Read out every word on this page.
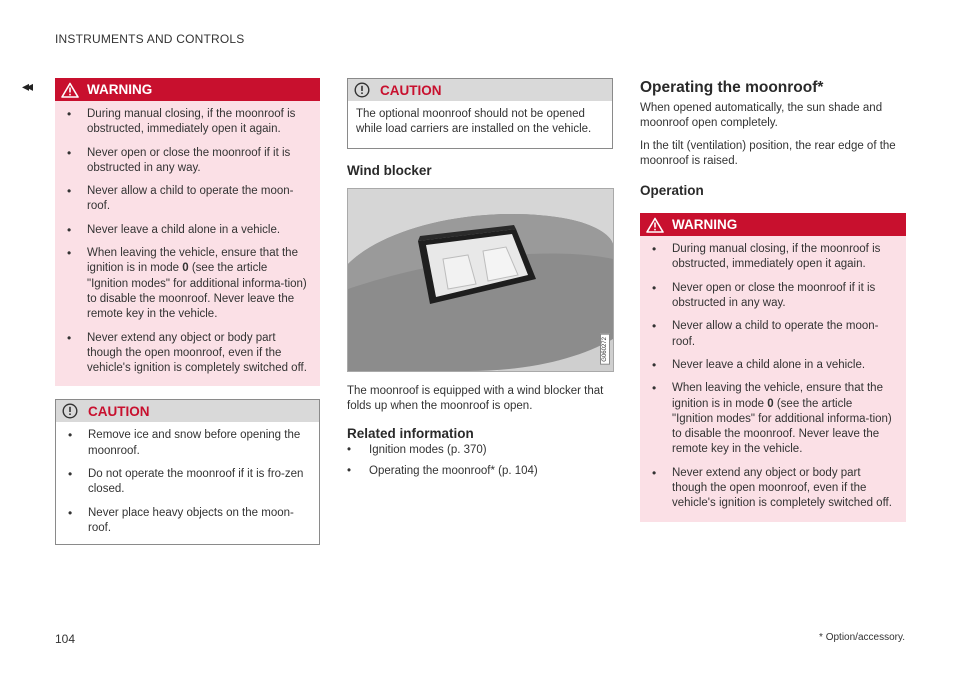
INSTRUMENTS AND CONTROLS
◂◂	WARNING
• During manual closing, if the moonroof is obstructed, immediately open it again.
• Never open or close the moonroof if it is obstructed in any way.
• Never allow a child to operate the moon-roof.
• Never leave a child alone in a vehicle.
• When leaving the vehicle, ensure that the ignition is in mode 0 (see the article "Ignition modes" for additional informa-tion) to disable the moonroof. Never leave the remote key in the vehicle.
• Never extend any object or body part though the open moonroof, even if the vehicle's ignition is completely switched off.
CAUTION
• Remove ice and snow before opening the moonroof.
• Do not operate the moonroof if it is fro-zen closed.
• Never place heavy objects on the moon-roof.
CAUTION
The optional moonroof should not be opened while load carriers are installed on the vehicle.
Wind blocker
G060272

The moonroof is equipped with a wind blocker that folds up when the moonroof is open.

Related information
• Ignition modes (p. 370)
• Operating the moonroof* (p. 104)
Operating the moonroof*

When opened automatically, the sun shade and moonroof open completely.

In the tilt (ventilation) position, the rear edge of the moonroof is raised.

Operation
WARNING
• During manual closing, if the moonroof is obstructed, immediately open it again.
• Never open or close the moonroof if it is obstructed in any way.
• Never allow a child to operate the moon-roof.
• Never leave a child alone in a vehicle.
• When leaving the vehicle, ensure that the ignition is in mode 0 (see the article "Ignition modes" for additional informa-tion) to disable the moonroof. Never leave the remote key in the vehicle.
• Never extend any object or body part though the open moonroof, even if the vehicle's ignition is completely switched off.
104	* Option/accessory.
